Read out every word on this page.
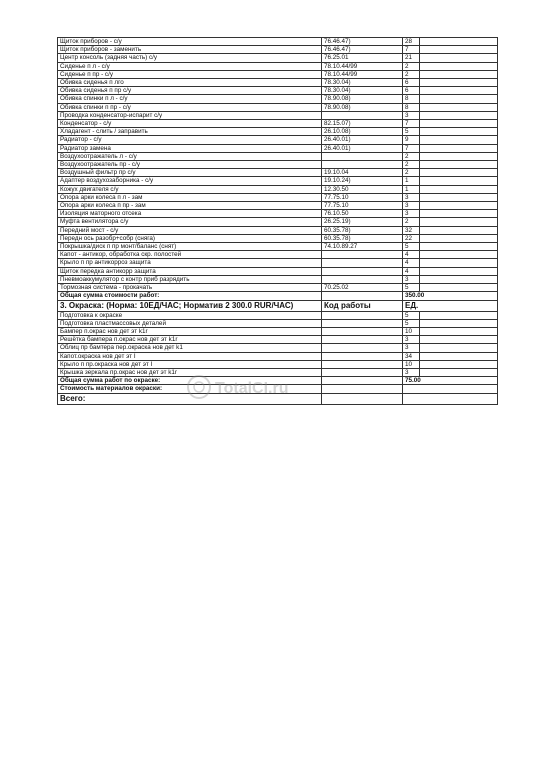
Щиток приборов - с/у	76.46.47)	28	
Щиток приборов - заменить	76.46.47)	7	
Центр консоль (задняя часть) с/у	76.25.01	21	
Сиденье п л - с/у	78.10.44/99	2	
Сиденье п пр - с/у	78.10.44/99	2	
Обивка сиденья п лго	78.30.04)	6	
Обивка сиденья п пр с/у	78.30.04)	6	
Обивка спинки п л - с/у	78.90.08)	8	
Обивка спинки п пр - с/у	78.90.08)	8	
Проводка конденсатор-испарит с/у		3	
Конденсатор - с/у	82.15.07)	7	
Хладагент - слить / заправить	26.10.08)	5	
Радиатор - с/у	26.40.01)	9	
Радиатор замена	26.40.01)	7	
Воздухоотражатель л - с/у		2	
Воздухоотражатель пр - с/у		2	
Воздушный фильтр пр с/у	19.10.04	2	
Адаптер воздухозаборника - с/у	19.10.24)	1	
Кожух двигателя с/у	12.30.50	1	
Опора арки колеса п л - зам	77.75.10	3	
Опора арки колеса п пр - зам	77.75.10	3	
Изоляция маторного отсека	76.10.50	3	
Муфта вентилятора с/у	26.25.19)	2	
Передний мост - с/у	60.35.78)	32	
Передн ось разобр+собр (сняга)	60.35.78)	22	
Покрышка/диск п пр монт/баланс (снят)	74.10.89.27	5	
Капот - антикор, обработка скр. полостей		4	
Крыло п пр антикорроз защита		4	
Щиток передка антикорр защита		4	
Пневмоаккумулятор с контр приб разрядить		3	
Тормозная система - прокачать	70.25.02	5	
Общая сумма стоимости работ:		350.00	
3. Окраска: (Норма: 10ЕД/ЧАС; Норматив 2 300.0 RUR/ЧАС)	Код работы	ЕД.	
Подготовка к окраске		5	
Подготовка пластмассовых деталей		5	
Бампер п.окрас нов дет эт k1r		10	
Решётка бампера п.окрас нов дет эт k1r		3	
Облиц пр бамтера пер.окраска нов дет k1		3	
Капот.окраска нов дет эт I		34	
Крыло п пр.окраска нов дет эт I		10	
Крышка зеркала пр.окрас нов дет эт k1r		3	
Общая сумма работ по окраске:		75.00	
Стоимость материалов окраски:			
Всего:			
TotalCI.ru
